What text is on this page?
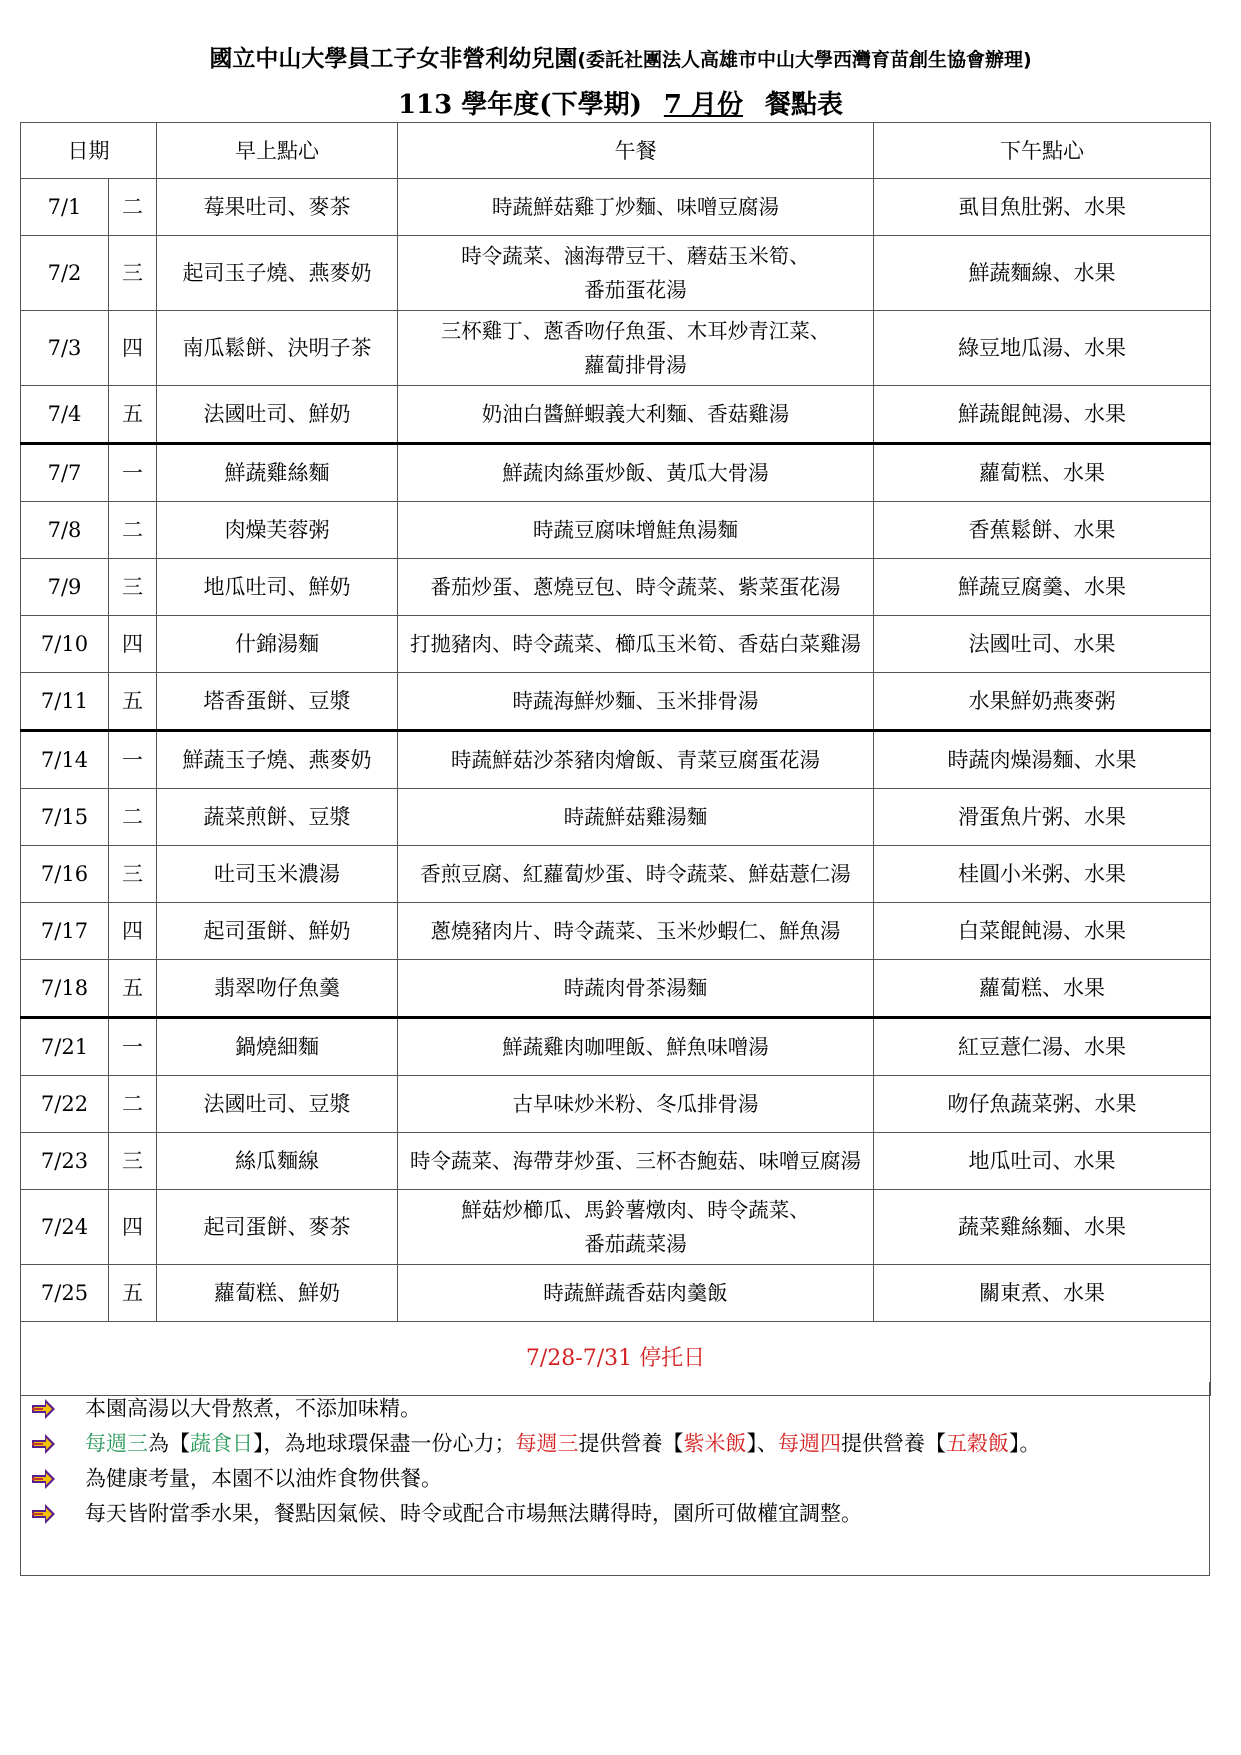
國立中山大學員工子女非營利幼兒園(委託社團法人高雄市中山大學西灣育苗創生協會辦理)
113 學年度(下學期) 7 月份 餐點表
日期		早上點心	午餐	下午點心
7/1	二	莓果吐司、麥茶	時蔬鮮菇雞丁炒麵、味噌豆腐湯	虱目魚肚粥、水果
7/2	三	起司玉子燒、燕麥奶	時令蔬菜、滷海帶豆干、蘑菇玉米筍、
番茄蛋花湯	鮮蔬麵線、水果
7/3	四	南瓜鬆餅、決明子茶	三杯雞丁、蔥香吻仔魚蛋、木耳炒青江菜、
蘿蔔排骨湯	綠豆地瓜湯、水果
7/4	五	法國吐司、鮮奶	奶油白醬鮮蝦義大利麵、香菇雞湯	鮮蔬餛飩湯、水果
7/7	一	鮮蔬雞絲麵	鮮蔬肉絲蛋炒飯、黃瓜大骨湯	蘿蔔糕、水果
7/8	二	肉燥芙蓉粥	時蔬豆腐味增鮭魚湯麵	香蕉鬆餅、水果
7/9	三	地瓜吐司、鮮奶	番茄炒蛋、蔥燒豆包、時令蔬菜、紫菜蛋花湯	鮮蔬豆腐羹、水果
7/10	四	什錦湯麵	打拋豬肉、時令蔬菜、櫛瓜玉米筍、香菇白菜雞湯	法國吐司、水果
7/11	五	塔香蛋餅、豆漿	時蔬海鮮炒麵、玉米排骨湯	水果鮮奶燕麥粥
7/14	一	鮮蔬玉子燒、燕麥奶	時蔬鮮菇沙茶豬肉燴飯、青菜豆腐蛋花湯	時蔬肉燥湯麵、水果
7/15	二	蔬菜煎餅、豆漿	時蔬鮮菇雞湯麵	滑蛋魚片粥、水果
7/16	三	吐司玉米濃湯	香煎豆腐、紅蘿蔔炒蛋、時令蔬菜、鮮菇薏仁湯	桂圓小米粥、水果
7/17	四	起司蛋餅、鮮奶	蔥燒豬肉片、時令蔬菜、玉米炒蝦仁、鮮魚湯	白菜餛飩湯、水果
7/18	五	翡翠吻仔魚羹	時蔬肉骨茶湯麵	蘿蔔糕、水果
7/21	一	鍋燒細麵	鮮蔬雞肉咖哩飯、鮮魚味噌湯	紅豆薏仁湯、水果
7/22	二	法國吐司、豆漿	古早味炒米粉、冬瓜排骨湯	吻仔魚蔬菜粥、水果
7/23	三	絲瓜麵線	時令蔬菜、海帶芽炒蛋、三杯杏鮑菇、味噌豆腐湯	地瓜吐司、水果
7/24	四	起司蛋餅、麥茶	鮮菇炒櫛瓜、馬鈴薯燉肉、時令蔬菜、
番茄蔬菜湯	蔬菜雞絲麵、水果
7/25	五	蘿蔔糕、鮮奶	時蔬鮮蔬香菇肉羹飯	關東煮、水果
7/28-7/31 停托日				
本園高湯以大骨熬煮，不添加味精。
每週三為【蔬食日】，為地球環保盡一份心力；每週三提供營養【紫米飯】、每週四提供營養【五穀飯】。
為健康考量，本園不以油炸食物供餐。
每天皆附當季水果，餐點因氣候、時令或配合市場無法購得時，園所可做權宜調整。
